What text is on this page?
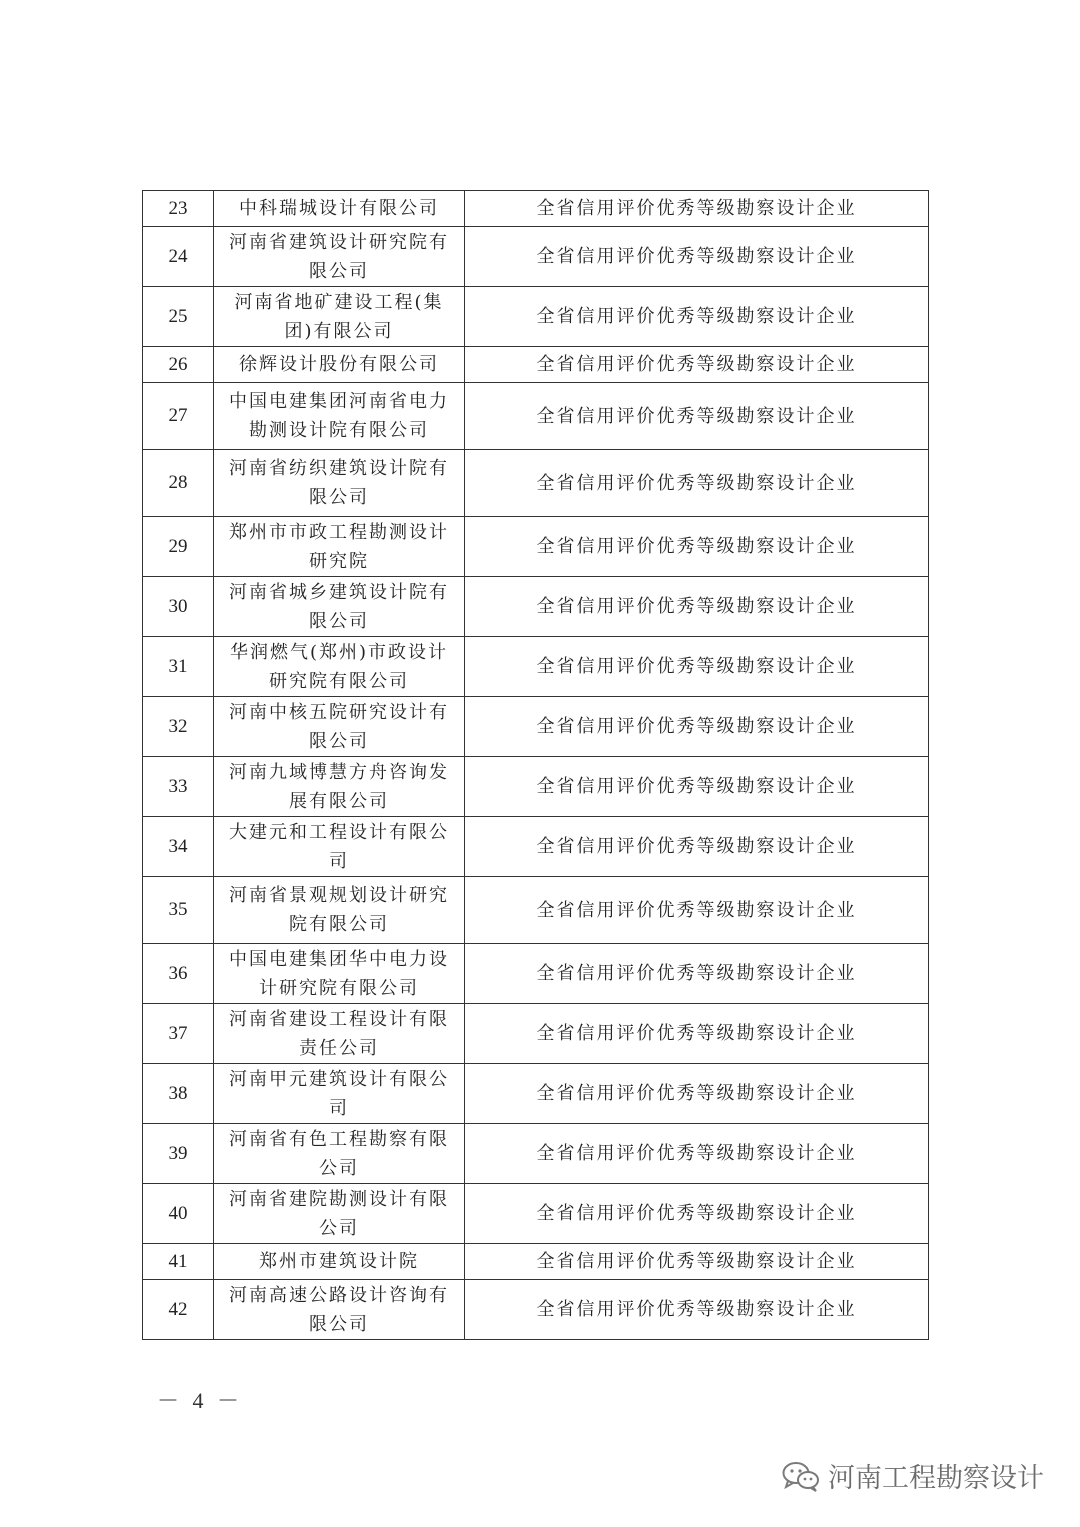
23	中科瑞城设计有限公司	全省信用评价优秀等级勘察设计企业
24	河南省建筑设计研究院有
限公司	全省信用评价优秀等级勘察设计企业
25	河南省地矿建设工程(集
团)有限公司	全省信用评价优秀等级勘察设计企业
26	徐辉设计股份有限公司	全省信用评价优秀等级勘察设计企业
27	中国电建集团河南省电力
勘测设计院有限公司	全省信用评价优秀等级勘察设计企业
28	河南省纺织建筑设计院有
限公司	全省信用评价优秀等级勘察设计企业
29	郑州市市政工程勘测设计
研究院	全省信用评价优秀等级勘察设计企业
30	河南省城乡建筑设计院有
限公司	全省信用评价优秀等级勘察设计企业
31	华润燃气(郑州)市政设计
研究院有限公司	全省信用评价优秀等级勘察设计企业
32	河南中核五院研究设计有
限公司	全省信用评价优秀等级勘察设计企业
33	河南九域博慧方舟咨询发
展有限公司	全省信用评价优秀等级勘察设计企业
34	大建元和工程设计有限公
司	全省信用评价优秀等级勘察设计企业
35	河南省景观规划设计研究
院有限公司	全省信用评价优秀等级勘察设计企业
36	中国电建集团华中电力设
计研究院有限公司	全省信用评价优秀等级勘察设计企业
37	河南省建设工程设计有限
责任公司	全省信用评价优秀等级勘察设计企业
38	河南甲元建筑设计有限公
司	全省信用评价优秀等级勘察设计企业
39	河南省有色工程勘察有限
公司	全省信用评价优秀等级勘察设计企业
40	河南省建院勘测设计有限
公司	全省信用评价优秀等级勘察设计企业
41	郑州市建筑设计院	全省信用评价优秀等级勘察设计企业
42	河南高速公路设计咨询有
限公司	全省信用评价优秀等级勘察设计企业
－ 4 －
河南工程勘察设计
